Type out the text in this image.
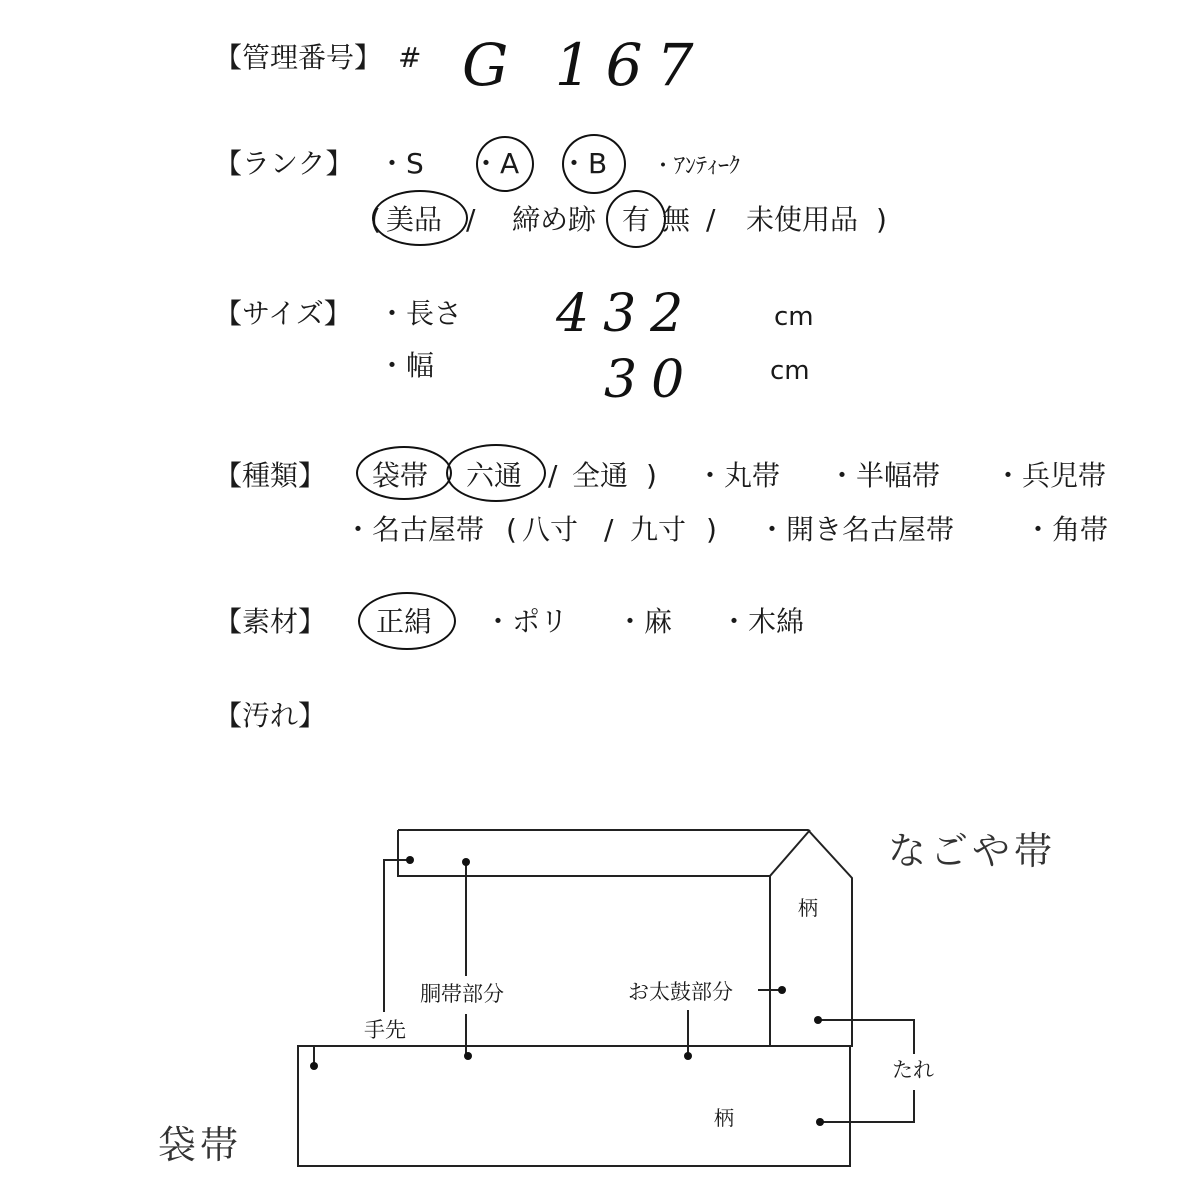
【管理番号】 # G 167
【ランク】 ・S ・A ・B ・ｱﾝﾃｨｰｸ
( 美品 / 締め跡 有 無 / 未使用品 )
【サイズ】 ・長さ 432	cm
・幅	30	cm
【種類】 袋帯 六通 / 全通 ) ・丸帯 ・半幅帯 ・兵児帯
・名古屋帯 ( 八寸 / 九寸 ) ・開き名古屋帯 ・角帯
【素材】 正絹 ・ポリ ・麻 ・木綿
【汚れ】
なごや帯
袋帯
柄
柄
胴帯部分	お太鼓部分
手先
たれ
